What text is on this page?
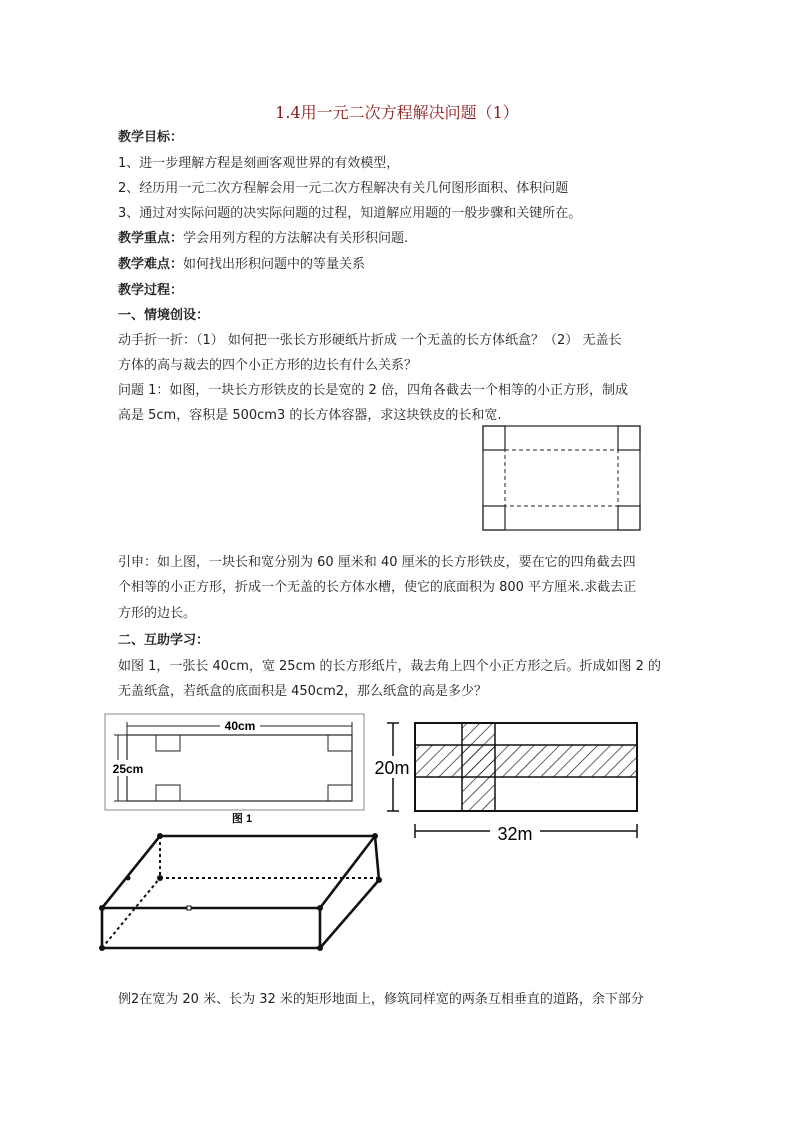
1.4用一元二次方程解决问题（1）
教学目标：
1、进一步理解方程是刻画客观世界的有效模型，
2、经历用一元二次方程解会用一元二次方程解决有关几何图形面积、体积问题
3、通过对实际问题的决实际问题的过程，知道解应用题的一般步骤和关键所在。
教学重点：学会用列方程的方法解决有关形积问题.
教学难点：如何找出形积问题中的等量关系
教学过程：
一、情境创设：
动手折一折：（1） 如何把一张长方形硬纸片折成 一个无盖的长方体纸盒？（2） 无盖长
方体的高与裁去的四个小正方形的边长有什么关系？
问题 1：如图，一块长方形铁皮的长是宽的 2 倍，四角各截去一个相等的小正方形，制成
高是 5cm，容积是 500cm3 的长方体容器，求这块铁皮的长和宽.
引申：如上图，一块长和宽分别为 60 厘米和 40 厘米的长方形铁皮，要在它的四角截去四
个相等的小正方形，折成一个无盖的长方体水槽，使它的底面积为 800 平方厘米.求截去正
方形的边长。
二、互助学习：
如图 1，一张长 40cm，宽 25cm 的长方形纸片，裁去角上四个小正方形之后。折成如图 2 的
无盖纸盒，若纸盒的底面积是 450cm2，那么纸盒的高是多少？
40cm
25cm
图 1
20m
32m
例2在宽为 20 米、长为 32 米的矩形地面上，修筑同样宽的两条互相垂直的道路，余下部分
